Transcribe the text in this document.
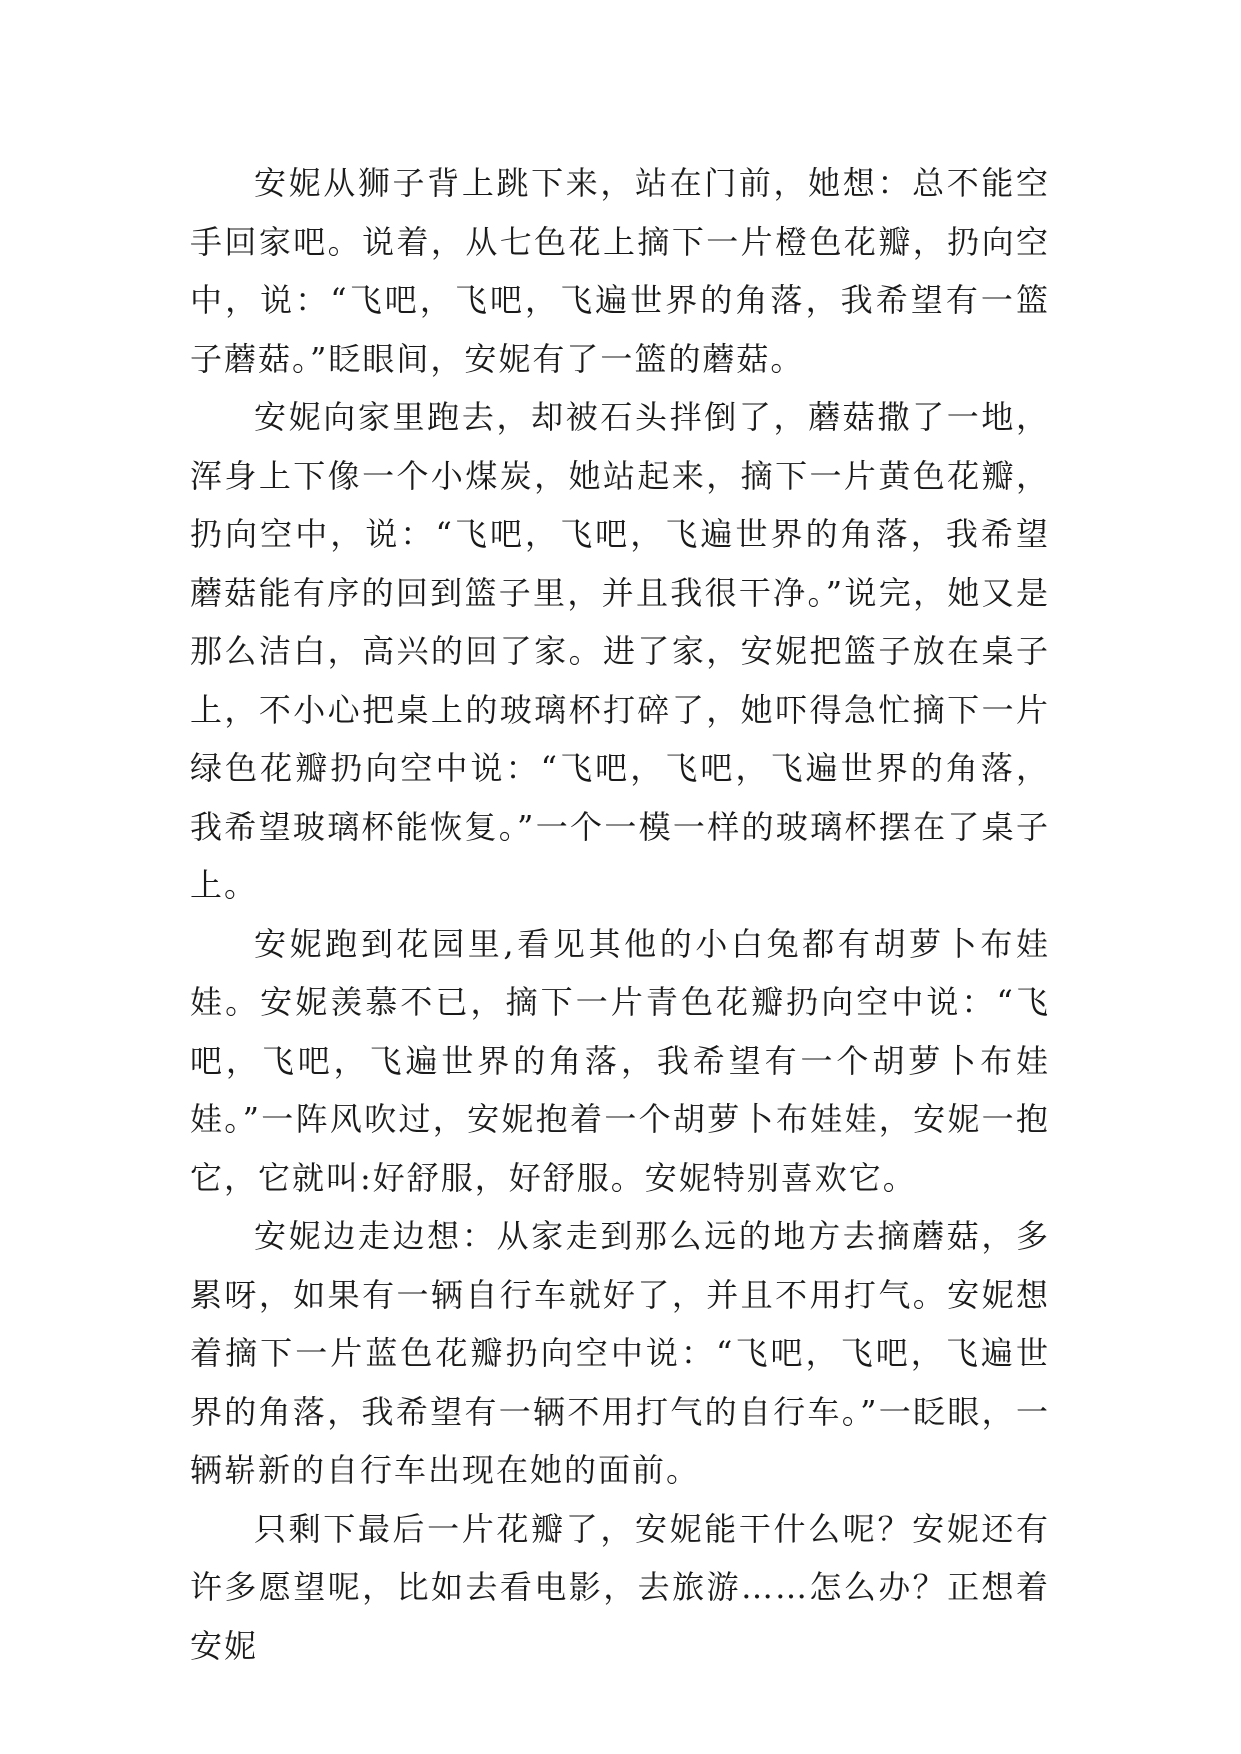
安妮从狮子背上跳下来，站在门前，她想：总不能空手回家吧。说着，从七色花上摘下一片橙色花瓣，扔向空中，说：“飞吧，飞吧，飞遍世界的角落，我希望有一篮子蘑菇。”眨眼间，安妮有了一篮的蘑菇。

安妮向家里跑去，却被石头拌倒了，蘑菇撒了一地，浑身上下像一个小煤炭，她站起来，摘下一片黄色花瓣，扔向空中，说：“飞吧，飞吧，飞遍世界的角落，我希望蘑菇能有序的回到篮子里，并且我很干净。”说完，她又是那么洁白，高兴的回了家。进了家，安妮把篮子放在桌子上，不小心把桌上的玻璃杯打碎了，她吓得急忙摘下一片绿色花瓣扔向空中说：“飞吧，飞吧，飞遍世界的角落，我希望玻璃杯能恢复。”一个一模一样的玻璃杯摆在了桌子上。

安妮跑到花园里,看见其他的小白兔都有胡萝卜布娃娃。安妮羡慕不已，摘下一片青色花瓣扔向空中说：“飞吧，飞吧，飞遍世界的角落，我希望有一个胡萝卜布娃娃。”一阵风吹过，安妮抱着一个胡萝卜布娃娃，安妮一抱它，它就叫:好舒服，好舒服。安妮特别喜欢它。

安妮边走边想：从家走到那么远的地方去摘蘑菇，多累呀，如果有一辆自行车就好了，并且不用打气。安妮想着摘下一片蓝色花瓣扔向空中说：“飞吧，飞吧，飞遍世界的角落，我希望有一辆不用打气的自行车。”一眨眼，一辆崭新的自行车出现在她的面前。

只剩下最后一片花瓣了，安妮能干什么呢？安妮还有许多愿望呢，比如去看电影，去旅游……怎么办？正想着安妮
